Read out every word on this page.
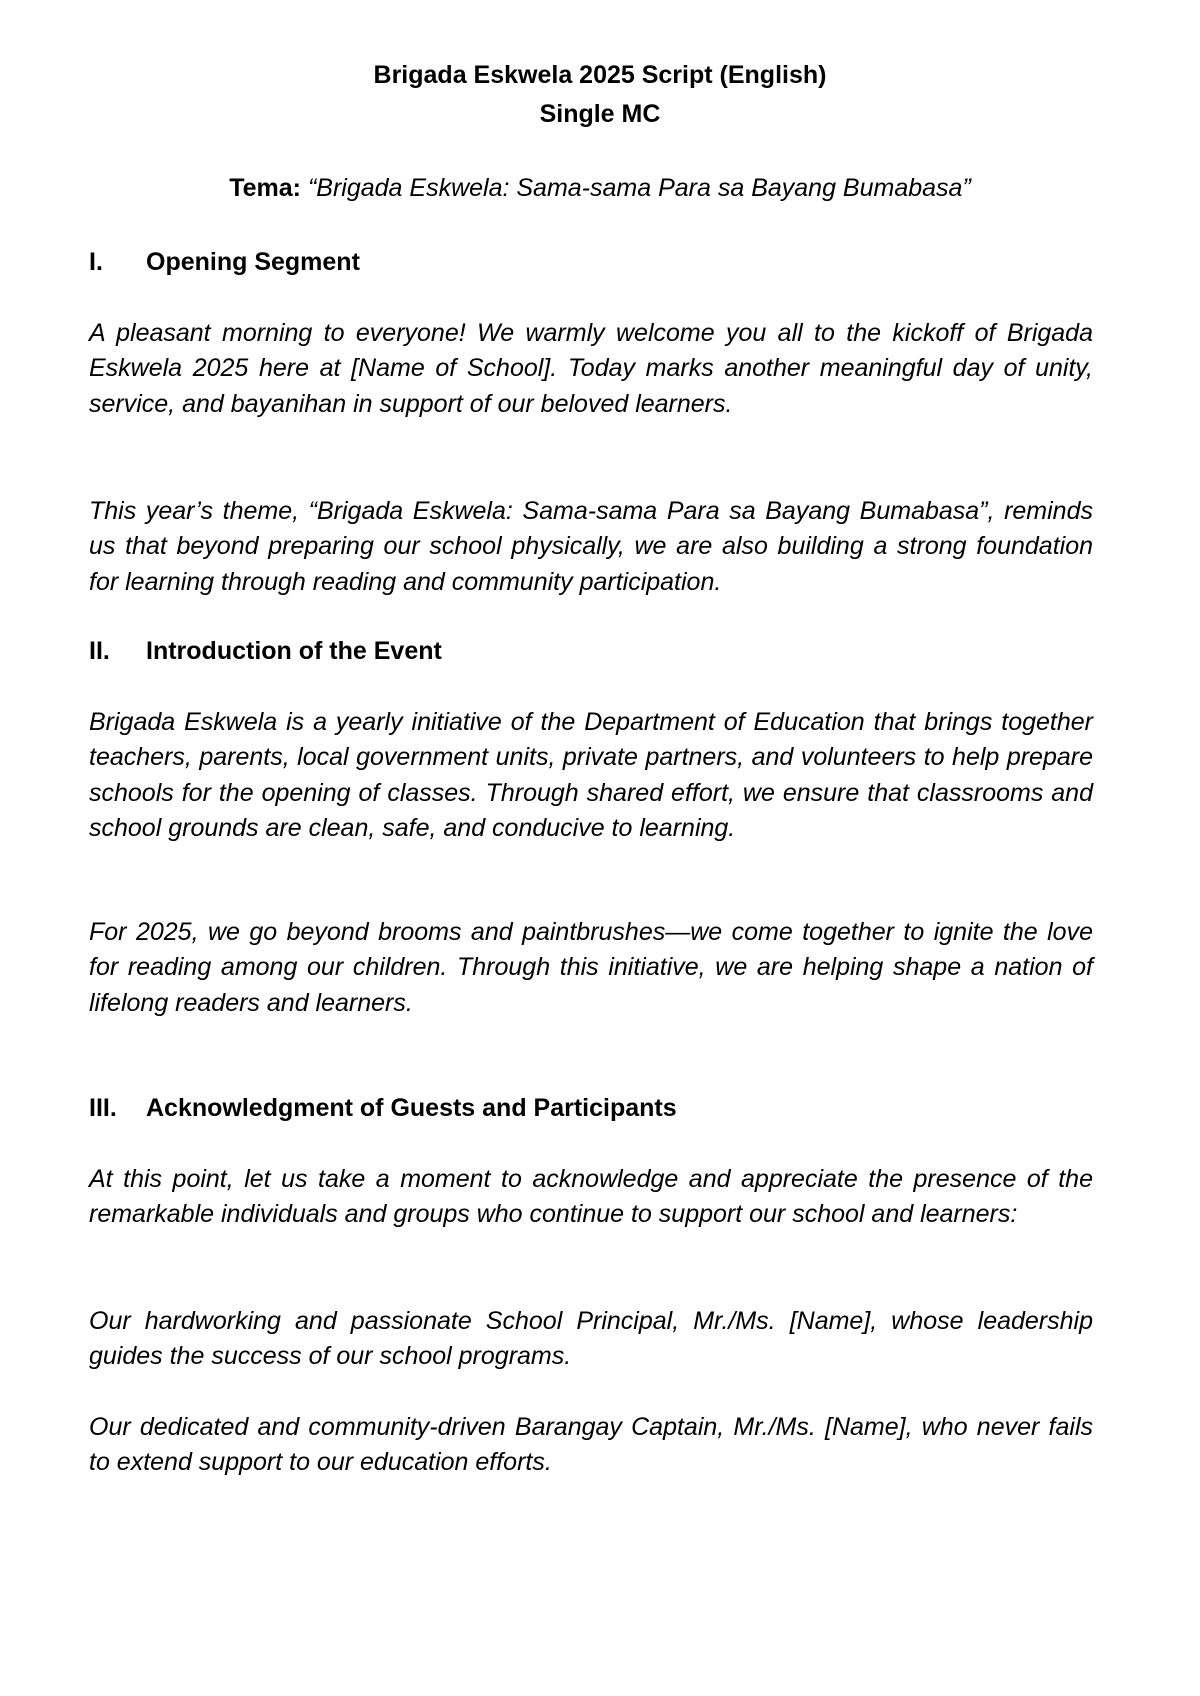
Brigada Eskwela 2025 Script (English)
Single MC
Tema: “Brigada Eskwela: Sama-sama Para sa Bayang Bumabasa”
I. Opening Segment
A pleasant morning to everyone! We warmly welcome you all to the kickoff of Brigada Eskwela 2025 here at [Name of School]. Today marks another meaningful day of unity, service, and bayanihan in support of our beloved learners.
This year’s theme, “Brigada Eskwela: Sama-sama Para sa Bayang Bumabasa”, reminds us that beyond preparing our school physically, we are also building a strong foundation for learning through reading and community participation.
II. Introduction of the Event
Brigada Eskwela is a yearly initiative of the Department of Education that brings together teachers, parents, local government units, private partners, and volunteers to help prepare schools for the opening of classes. Through shared effort, we ensure that classrooms and school grounds are clean, safe, and conducive to learning.
For 2025, we go beyond brooms and paintbrushes—we come together to ignite the love for reading among our children. Through this initiative, we are helping shape a nation of lifelong readers and learners.
III. Acknowledgment of Guests and Participants
At this point, let us take a moment to acknowledge and appreciate the presence of the remarkable individuals and groups who continue to support our school and learners:
Our hardworking and passionate School Principal, Mr./Ms. [Name], whose leadership guides the success of our school programs.
Our dedicated and community-driven Barangay Captain, Mr./Ms. [Name], who never fails to extend support to our education efforts.
